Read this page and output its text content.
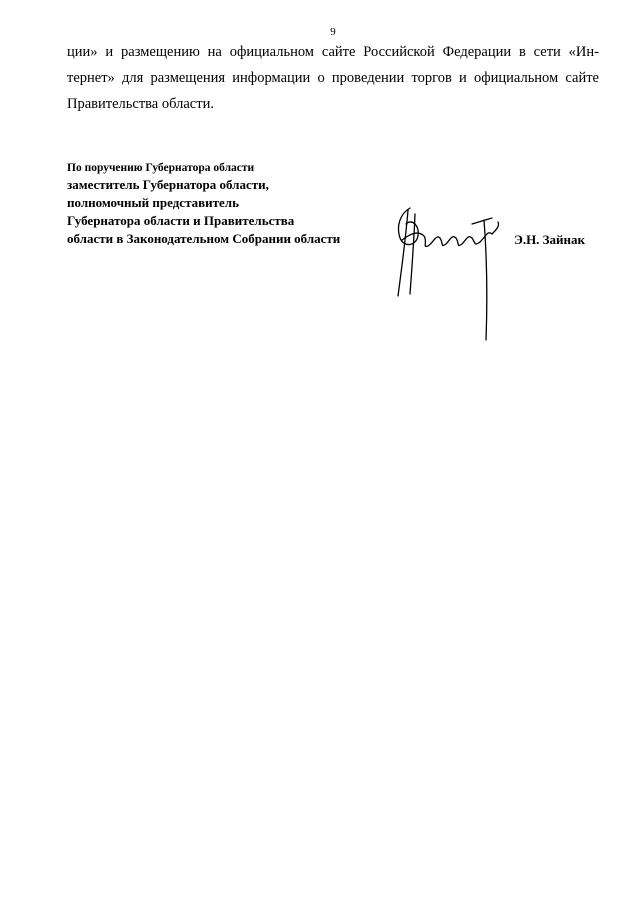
9

ции» и размещению на официальном сайте Российской Федерации в сети «Ин-
тернет» для размещения информации о проведении торгов и официальном сайте
Правительства области.

По поручению Губернатора области
заместитель Губернатора области,
полномочный представитель
Губернатора области и Правительства
области в Законодательном Собрании области	Э.Н. Зайнак
